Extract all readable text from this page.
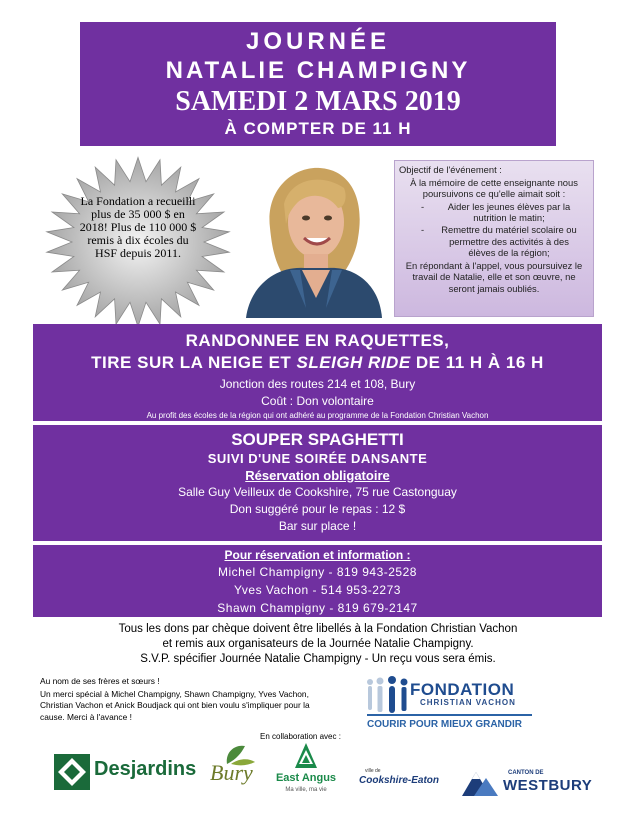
JOURNÉE
NATALIE CHAMPIGNY
SAMEDI 2 MARS 2019
À COMPTER DE 11 H
La Fondation a recueilli plus de 35 000 $ en 2018! Plus de 110 000 $ remis à dix écoles du HSF depuis 2011.
Objectif de l'événement :
À la mémoire de cette enseignante nous poursuivons ce qu'elle aimait soit :
-	Aider les jeunes élèves par la nutrition le matin;
- Remettre du matériel scolaire ou permettre des activités à des élèves de la région;
En répondant à l'appel, vous poursuivez le travail de Natalie, elle et son œuvre, ne seront jamais oubliés.
RANDONNEE EN RAQUETTES,
TIRE SUR LA NEIGE ET SLEIGH RIDE DE 11 H À 16 H
Jonction des routes 214 et 108, Bury
Coût : Don volontaire
Au profit des écoles de la région qui ont adhéré au programme de la Fondation Christian Vachon
SOUPER SPAGHETTI
SUIVI D'UNE SOIRÉE DANSANTE
Réservation obligatoire
Salle Guy Veilleux de Cookshire, 75 rue Castonguay
Don suggéré pour le repas : 12 $
Bar sur place !
Pour réservation et information :
Michel Champigny - 819 943-2528
Yves Vachon - 514 953-2273
Shawn Champigny - 819 679-2147
Tous les dons par chèque doivent être libellés à la Fondation Christian Vachon
et remis aux organisateurs de la Journée Natalie Champigny.
S.V.P. spécifier Journée Natalie Champigny - Un reçu vous sera émis.
Au nom de ses frères et sœurs !
Un merci spécial à Michel Champigny, Shawn Champigny, Yves Vachon, Christian Vachon et Anick Boudjack qui ont bien voulu s'impliquer pour la cause. Merci à l'avance !
FONDATION
CHRISTIAN VACHON
COURIR POUR MIEUX GRANDIR
En collaboration avec :
Desjardins Bury	East Angus
Ma ville, ma vie
ville de
Cookshire-Eaton
CANTON DE
WESTBURY
